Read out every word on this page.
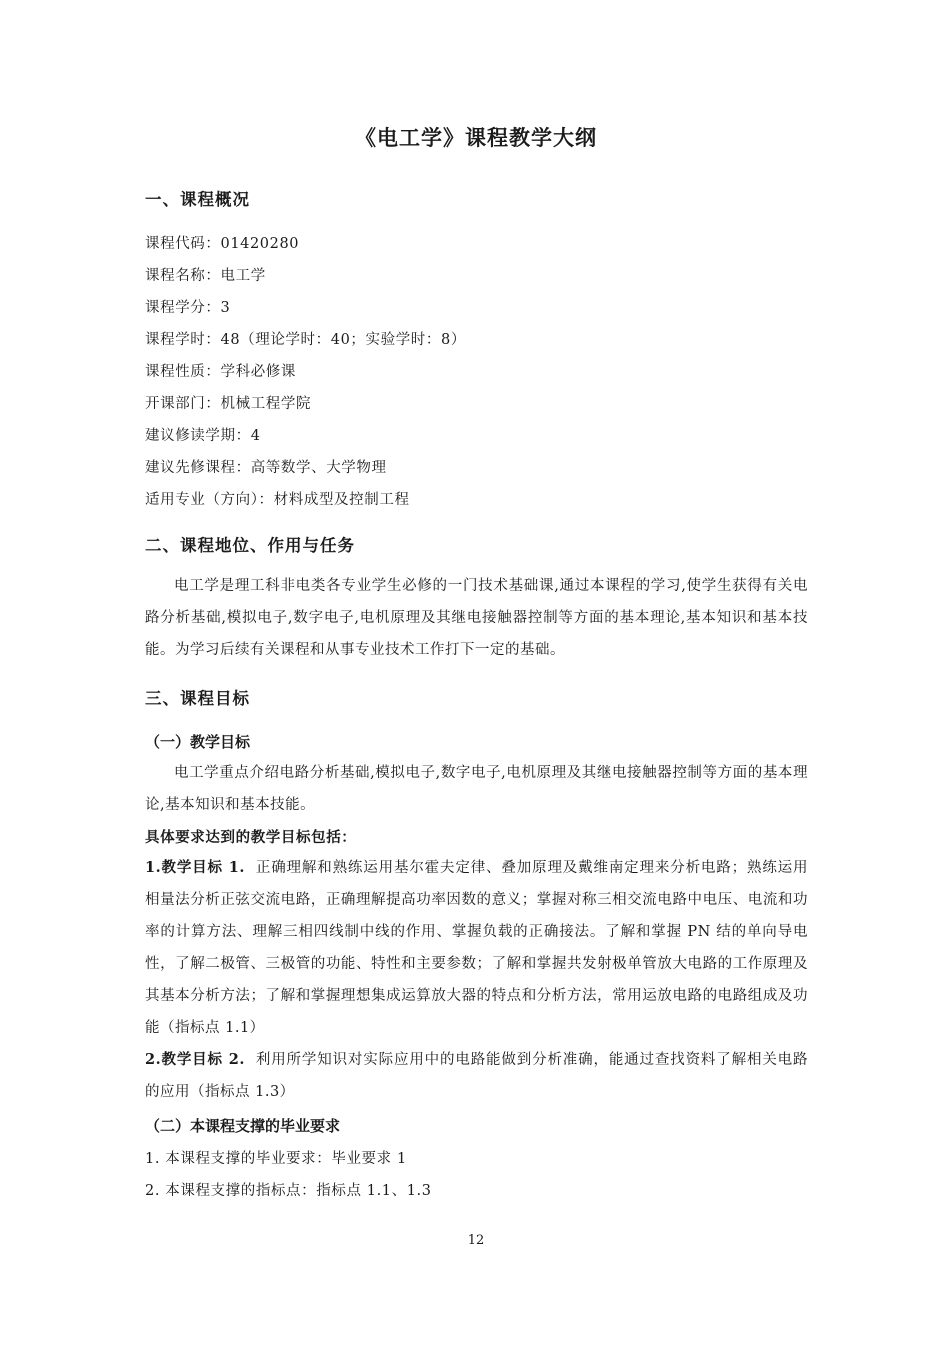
《电工学》课程教学大纲
一、课程概况
课程代码：01420280
课程名称：电工学
课程学分：3
课程学时：48（理论学时：40；实验学时：8）
课程性质：学科必修课
开课部门：机械工程学院
建议修读学期：4
建议先修课程：高等数学、大学物理
适用专业（方向）：材料成型及控制工程
二、课程地位、作用与任务
电工学是理工科非电类各专业学生必修的一门技术基础课,通过本课程的学习,使学生获得有关电路分析基础,模拟电子,数字电子,电机原理及其继电接触器控制等方面的基本理论,基本知识和基本技能。为学习后续有关课程和从事专业技术工作打下一定的基础。
三、课程目标
（一）教学目标
电工学重点介绍电路分析基础,模拟电子,数字电子,电机原理及其继电接触器控制等方面的基本理论,基本知识和基本技能。
具体要求达到的教学目标包括：
1.教学目标 1. 正确理解和熟练运用基尔霍夫定律、叠加原理及戴维南定理来分析电路；熟练运用相量法分析正弦交流电路，正确理解提高功率因数的意义；掌握对称三相交流电路中电压、电流和功率的计算方法、理解三相四线制中线的作用、掌握负载的正确接法。了解和掌握 PN 结的单向导电性，了解二极管、三极管的功能、特性和主要参数；了解和掌握共发射极单管放大电路的工作原理及其基本分析方法；了解和掌握理想集成运算放大器的特点和分析方法，常用运放电路的电路组成及功能（指标点 1.1）
2.教学目标 2. 利用所学知识对实际应用中的电路能做到分析准确，能通过查找资料了解相关电路的应用（指标点 1.3）
（二）本课程支撑的毕业要求
1. 本课程支撑的毕业要求：毕业要求 1
2. 本课程支撑的指标点：指标点 1.1、1.3
12
